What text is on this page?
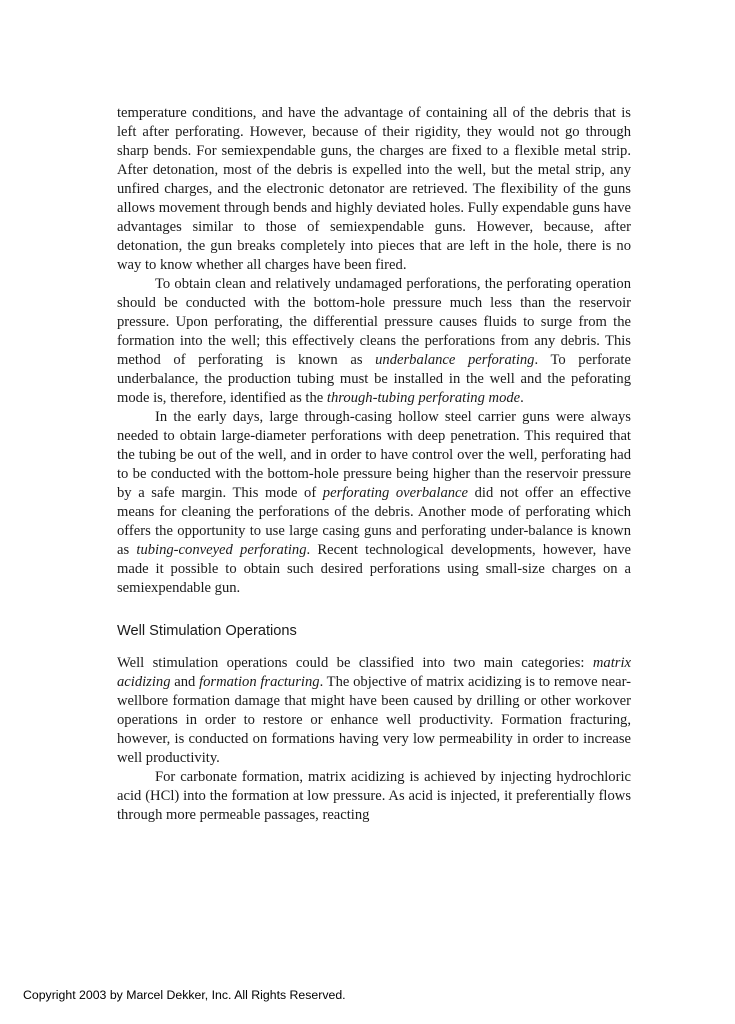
temperature conditions, and have the advantage of containing all of the debris that is left after perforating. However, because of their rigidity, they would not go through sharp bends. For semiexpendable guns, the charges are fixed to a flexible metal strip. After detonation, most of the debris is expelled into the well, but the metal strip, any unfired charges, and the electronic detonator are retrieved. The flexibility of the guns allows movement through bends and highly deviated holes. Fully expendable guns have advantages similar to those of semiexpendable guns. However, because, after detonation, the gun breaks completely into pieces that are left in the hole, there is no way to know whether all charges have been fired.

To obtain clean and relatively undamaged perforations, the perforating operation should be conducted with the bottom-hole pressure much less than the reservoir pressure. Upon perforating, the differential pressure causes fluids to surge from the formation into the well; this effectively cleans the perforations from any debris. This method of perforating is known as underbalance perforating. To perforate underbalance, the production tubing must be installed in the well and the peforating mode is, therefore, identified as the through-tubing perforating mode.

In the early days, large through-casing hollow steel carrier guns were always needed to obtain large-diameter perforations with deep penetration. This required that the tubing be out of the well, and in order to have control over the well, perforating had to be conducted with the bottom-hole pressure being higher than the reservoir pressure by a safe margin. This mode of perforating overbalance did not offer an effective means for cleaning the perforations of the debris. Another mode of perforating which offers the opportunity to use large casing guns and perforating under-balance is known as tubing-conveyed perforating. Recent technological developments, however, have made it possible to obtain such desired perforations using small-size charges on a semiexpendable gun.

Well Stimulation Operations

Well stimulation operations could be classified into two main categories: matrix acidizing and formation fracturing. The objective of matrix acidizing is to remove near-wellbore formation damage that might have been caused by drilling or other workover operations in order to restore or enhance well productivity. Formation fracturing, however, is conducted on formations having very low permeability in order to increase well productivity.

For carbonate formation, matrix acidizing is achieved by injecting hydrochloric acid (HCl) into the formation at low pressure. As acid is injected, it preferentially flows through more permeable passages, reacting

Copyright 2003 by Marcel Dekker, Inc. All Rights Reserved.
